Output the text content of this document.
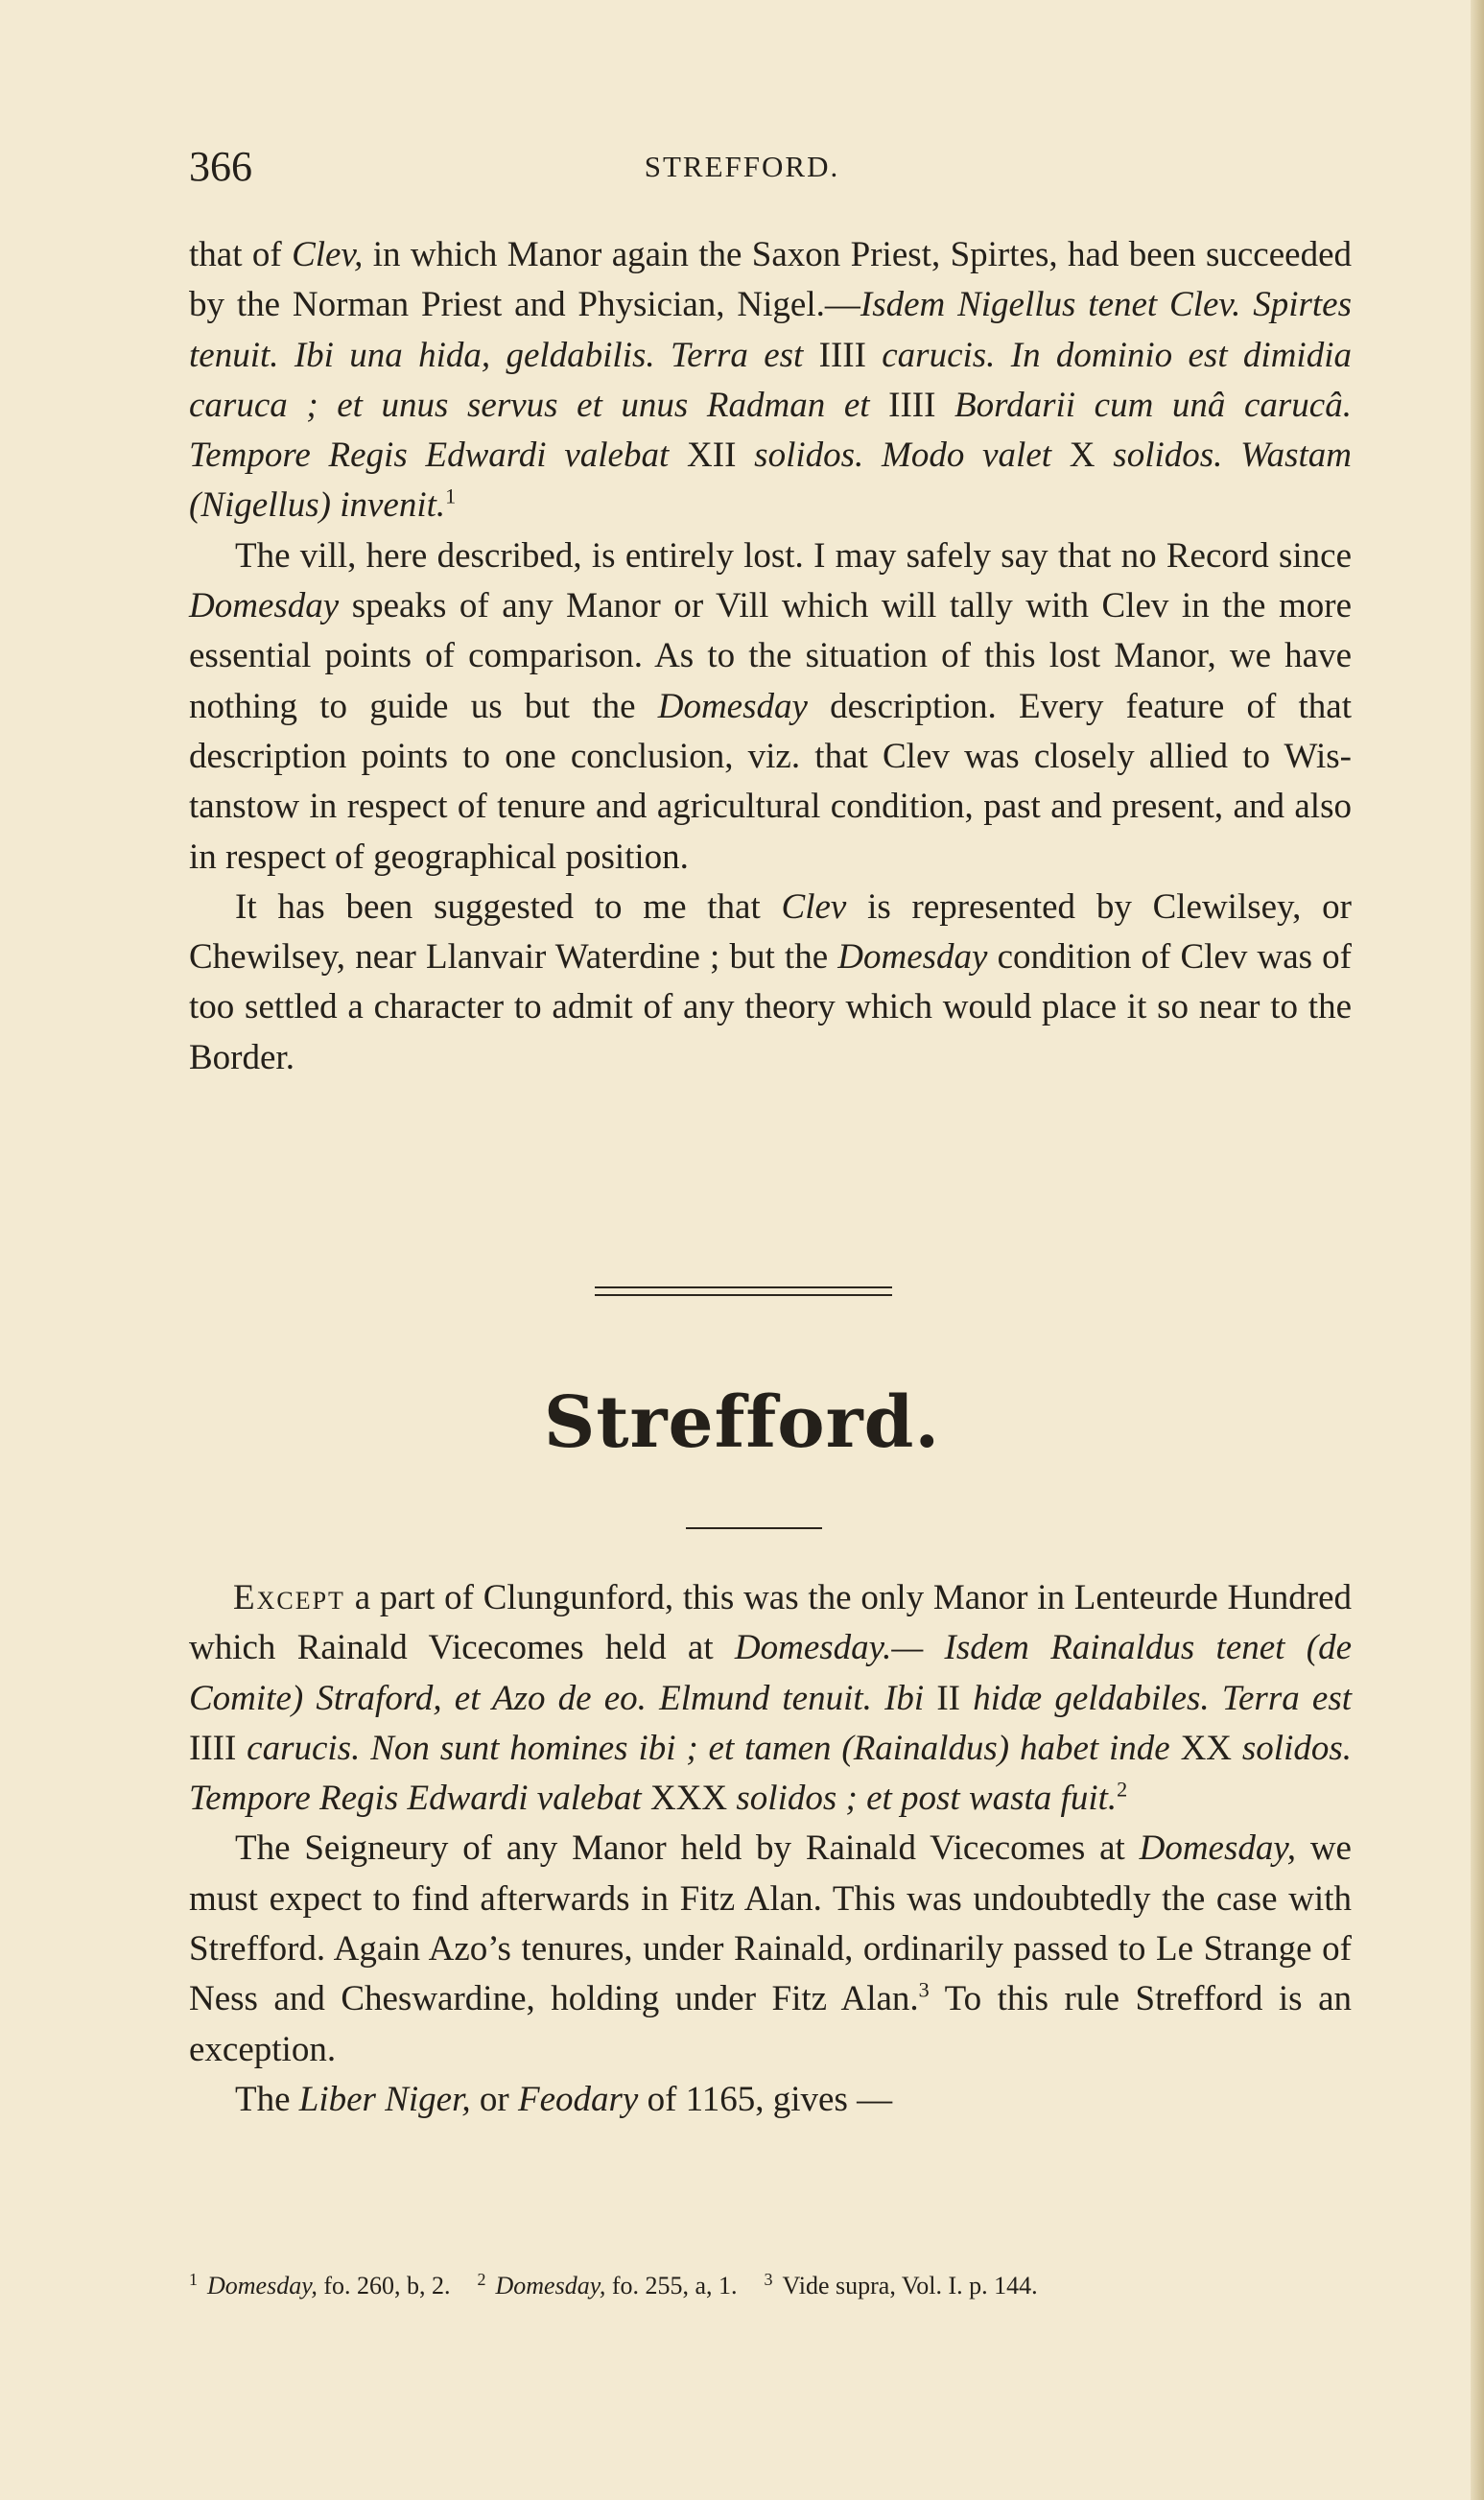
366	STREFFORD.

that of Clev, in which Manor again the Saxon Priest, Spirtes, had been succeeded by the Norman Priest and Physician, Nigel.—Isdem Nigellus tenet Clev. Spirtes tenuit. Ibi una hida, geldabilis. Terra est IIII carucis. In dominio est dimidia caruca ; et unus servus et unus Radman et IIII Bordarii cum unâ carucâ. Tempore Regis Edwardi valebat XII solidos. Modo valet X solidos. Wastam (Nigellus) invenit.$^1$

The vill, here described, is entirely lost. I may safely say that no Record since Domesday speaks of any Manor or Vill which will tally with Clev in the more essential points of comparison. As to the situation of this lost Manor, we have nothing to guide us but the Domesday description. Every feature of that description points to one conclusion, viz. that Clev was closely allied to Wistanstow in respect of tenure and agricultural condition, past and present, and also in respect of geographical position.

It has been suggested to me that Clev is represented by Clewilsey, or Chewilsey, near Llanvair Waterdine ; but the Domesday condition of Clev was of too settled a character to admit of any theory which would place it so near to the Border.

Strefford.

Except a part of Clungunford, this was the only Manor in Lenteurde Hundred which Rainald Vicecomes held at Domesday.— Isdem Rainaldus tenet (de Comite) Straford, et Azo de eo. Elmund tenuit. Ibi II hidæ geldabiles. Terra est IIII carucis. Non sunt homines ibi ; et tamen (Rainaldus) habet inde XX solidos. Tempore Regis Edwardi valebat XXX solidos ; et post wasta fuit.$^2$

The Seigneury of any Manor held by Rainald Vicecomes at Domesday, we must expect to find afterwards in Fitz Alan. This was undoubtedly the case with Strefford. Again Azo’s tenures, under Rainald, ordinarily passed to Le Strange of Ness and Cheswardine, holding under Fitz Alan.$^3$ To this rule Strefford is an exception.

The Liber Niger, or Feodary of 1165, gives —

$^1$ Domesday, fo. 260, b, 2. $^2$ Domesday, fo. 255, a, 1. $^3$ Vide supra, Vol. I. p. 144.
